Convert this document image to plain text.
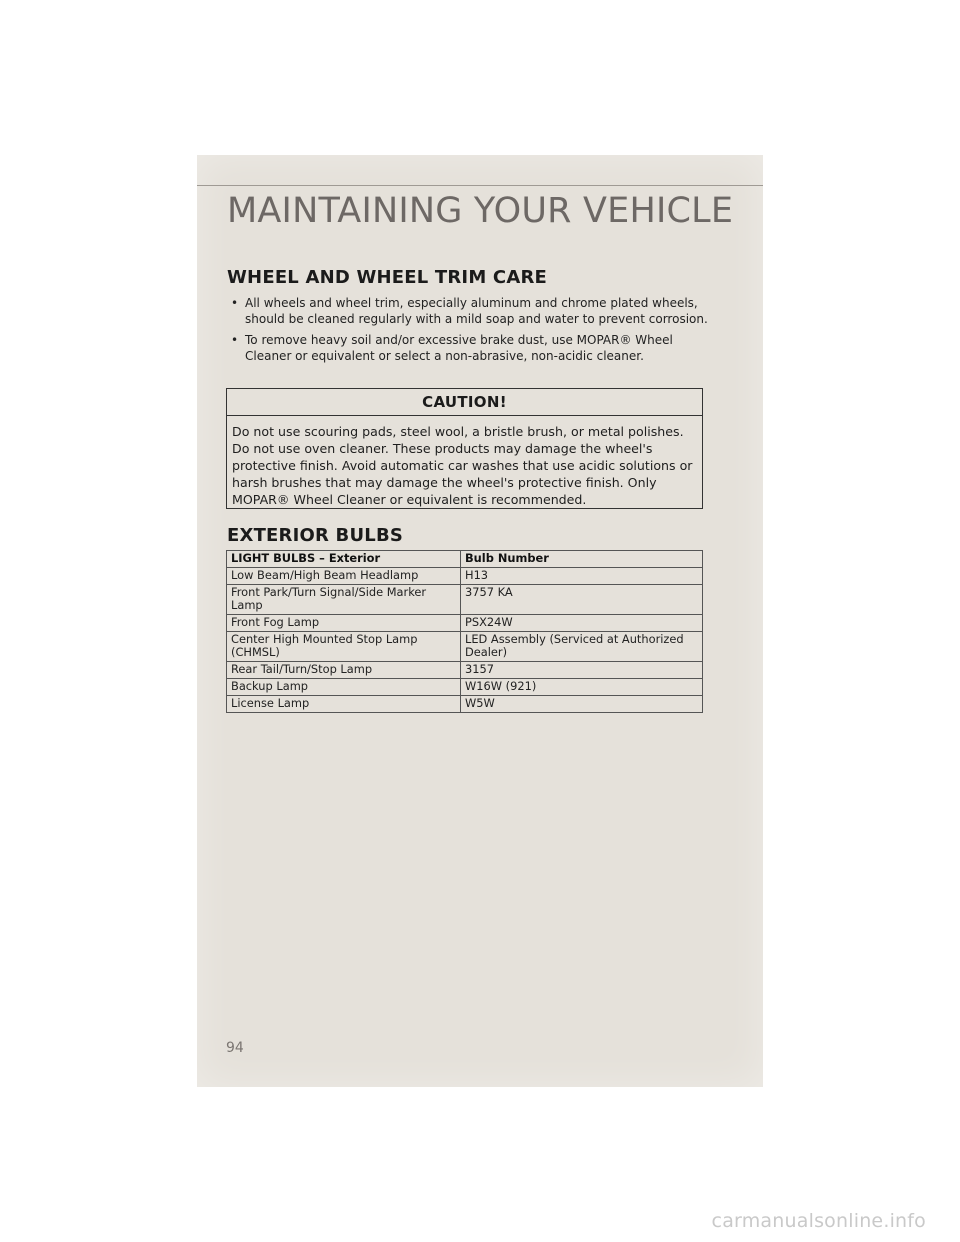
MAINTAINING YOUR VEHICLE
WHEEL AND WHEEL TRIM CARE
• All wheels and wheel trim, especially aluminum and chrome plated wheels, should be cleaned regularly with a mild soap and water to prevent corrosion.
• To remove heavy soil and/or excessive brake dust, use MOPAR® Wheel Cleaner or equivalent or select a non-abrasive, non-acidic cleaner.
CAUTION!

Do not use scouring pads, steel wool, a bristle brush, or metal polishes. Do not use oven cleaner. These products may damage the wheel's protective finish. Avoid automatic car washes that use acidic solutions or harsh brushes that may damage the wheel's protective finish. Only MOPAR® Wheel Cleaner or equivalent is recommended.

EXTERIOR BULBS
LIGHT BULBS – Exterior	Bulb Number
Low Beam/High Beam Headlamp	H13
Front Park/Turn Signal/Side Marker Lamp	3757 KA
Front Fog Lamp	PSX24W
Center High Mounted Stop Lamp (CHMSL)	LED Assembly (Serviced at Authorized Dealer)
Rear Tail/Turn/Stop Lamp	3157
Backup Lamp	W16W (921)
License Lamp	W5W
94
carmanualsonline.info
